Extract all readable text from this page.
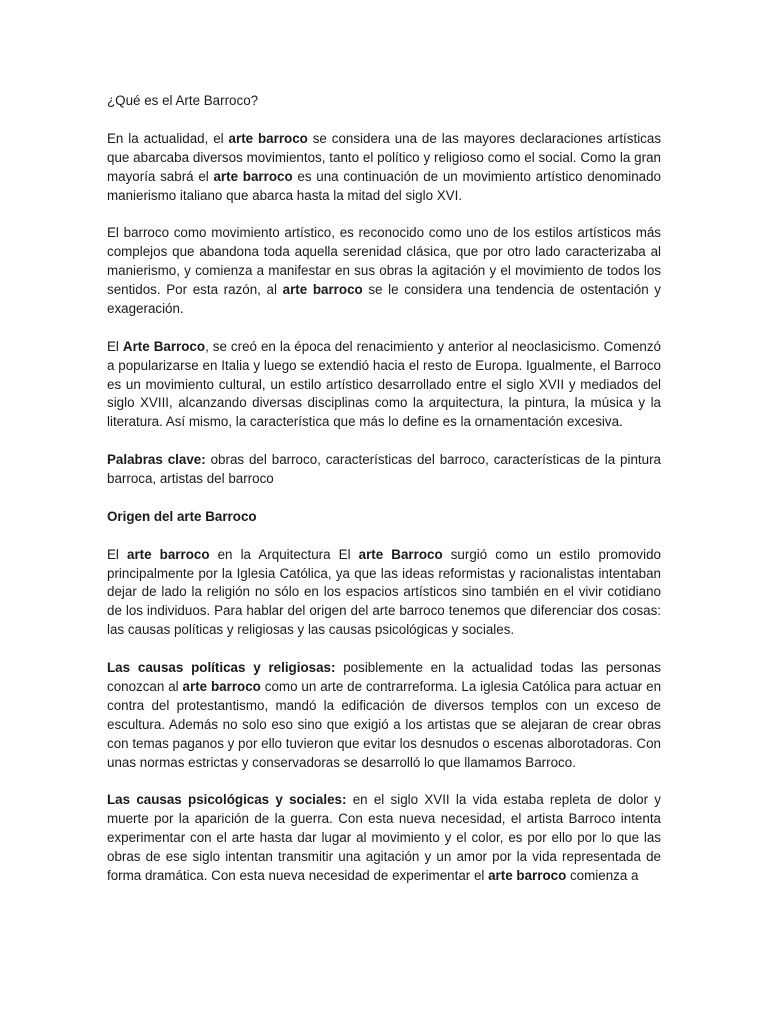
¿Qué es el Arte Barroco?

En la actualidad, el arte barroco se considera una de las mayores declaraciones artísticas que abarcaba diversos movimientos, tanto el político y religioso como el social. Como la gran mayoría sabrá el arte barroco es una continuación de un movimiento artístico denominado manierismo italiano que abarca hasta la mitad del siglo XVI.

El barroco como movimiento artístico, es reconocido como uno de los estilos artísticos más complejos que abandona toda aquella serenidad clásica, que por otro lado caracterizaba al manierismo, y comienza a manifestar en sus obras la agitación y el movimiento de todos los sentidos. Por esta razón, al arte barroco se le considera una tendencia de ostentación y exageración.

El Arte Barroco, se creó en la época del renacimiento y anterior al neoclasicismo. Comenzó a popularizarse en Italia y luego se extendió hacia el resto de Europa. Igualmente, el Barroco es un movimiento cultural, un estilo artístico desarrollado entre el siglo XVII y mediados del siglo XVIII, alcanzando diversas disciplinas como la arquitectura, la pintura, la música y la literatura. Así mismo, la característica que más lo define es la ornamentación excesiva.

Palabras clave: obras del barroco, características del barroco, características de la pintura barroca, artistas del barroco

Origen del arte Barroco

El arte barroco en la Arquitectura El arte Barroco surgió como un estilo promovido principalmente por la Iglesia Católica, ya que las ideas reformistas y racionalistas intentaban dejar de lado la religión no sólo en los espacios artísticos sino también en el vivir cotidiano de los individuos. Para hablar del origen del arte barroco tenemos que diferenciar dos cosas: las causas políticas y religiosas y las causas psicológicas y sociales.

Las causas políticas y religiosas: posiblemente en la actualidad todas las personas conozcan al arte barroco como un arte de contrarreforma. La iglesia Católica para actuar en contra del protestantismo, mandó la edificación de diversos templos con un exceso de escultura. Además no solo eso sino que exigió a los artistas que se alejaran de crear obras con temas paganos y por ello tuvieron que evitar los desnudos o escenas alborotadoras. Con unas normas estrictas y conservadoras se desarrolló lo que llamamos Barroco.

Las causas psicológicas y sociales: en el siglo XVII la vida estaba repleta de dolor y muerte por la aparición de la guerra. Con esta nueva necesidad, el artista Barroco intenta experimentar con el arte hasta dar lugar al movimiento y el color, es por ello por lo que las obras de ese siglo intentan transmitir una agitación y un amor por la vida representada de forma dramática. Con esta nueva necesidad de experimentar el arte barroco comienza a
